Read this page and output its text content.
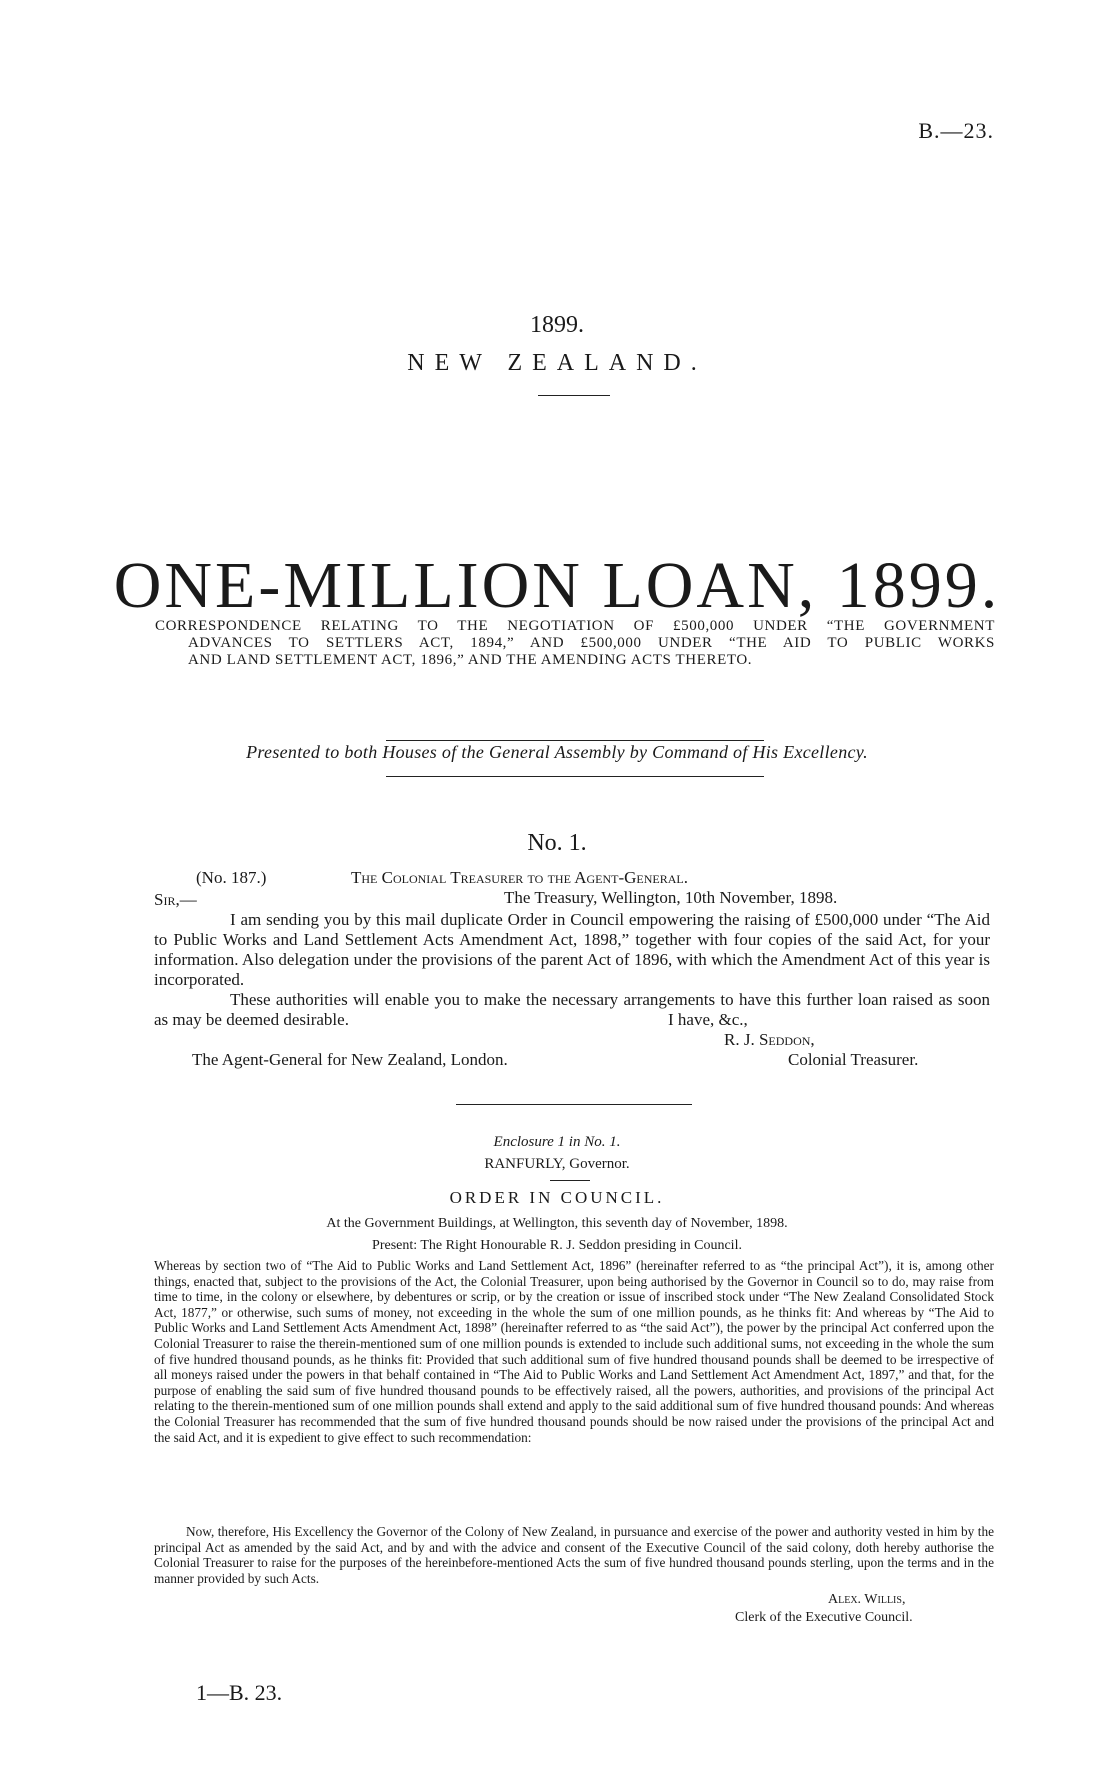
B.—23.
1899.
NEW ZEALAND.
ONE-MILLION LOAN, 1899.
CORRESPONDENCE RELATING TO THE NEGOTIATION OF £500,000 UNDER “THE GOVERNMENT
ADVANCES TO SETTLERS ACT, 1894,” AND £500,000 UNDER “THE AID TO PUBLIC WORKS
AND LAND SETTLEMENT ACT, 1896,” AND THE AMENDING ACTS THERETO.
Presented to both Houses of the General Assembly by Command of His Excellency.
No. 1.
(No. 187.)	The Colonial Treasurer to the Agent-General.
Sir,—	The Treasury, Wellington, 10th November, 1898.
I am sending you by this mail duplicate Order in Council empowering the raising of £500,000 under “The Aid to Public Works and Land Settlement Acts Amendment Act, 1898,” together with four copies of the said Act, for your information. Also delegation under the provisions of the parent Act of 1896, with which the Amendment Act of this year is incorporated.
These authorities will enable you to make the necessary arrangements to have this further loan raised as soon as may be deemed desirable.	I have, &c.,
R. J. Seddon,
The Agent-General for New Zealand, London.	Colonial Treasurer.
Enclosure 1 in No. 1.
RANFURLY, Governor.
ORDER IN COUNCIL.
At the Government Buildings, at Wellington, this seventh day of November, 1898.
Present: The Right Honourable R. J. Seddon presiding in Council.
Whereas by section two of “The Aid to Public Works and Land Settlement Act, 1896” (hereinafter referred to as “the principal Act”), it is, among other things, enacted that, subject to the provisions of the Act, the Colonial Treasurer, upon being authorised by the Governor in Council so to do, may raise from time to time, in the colony or elsewhere, by debentures or scrip, or by the creation or issue of inscribed stock under “The New Zealand Consolidated Stock Act, 1877,” or otherwise, such sums of money, not exceeding in the whole the sum of one million pounds, as he thinks fit: And whereas by “The Aid to Public Works and Land Settlement Acts Amendment Act, 1898” (hereinafter referred to as “the said Act”), the power by the principal Act conferred upon the Colonial Treasurer to raise the therein-mentioned sum of one million pounds is extended to include such additional sums, not exceeding in the whole the sum of five hundred thousand pounds, as he thinks fit: Provided that such additional sum of five hundred thousand pounds shall be deemed to be irrespective of all moneys raised under the powers in that behalf contained in “The Aid to Public Works and Land Settlement Act Amendment Act, 1897,” and that, for the purpose of enabling the said sum of five hundred thousand pounds to be effectively raised, all the powers, authorities, and provisions of the principal Act relating to the therein-mentioned sum of one million pounds shall extend and apply to the said additional sum of five hundred thousand pounds: And whereas the Colonial Treasurer has recommended that the sum of five hundred thousand pounds should be now raised under the provisions of the principal Act and the said Act, and it is expedient to give effect to such recommendation:
Now, therefore, His Excellency the Governor of the Colony of New Zealand, in pursuance and exercise of the power and authority vested in him by the principal Act as amended by the said Act, and by and with the advice and consent of the Executive Council of the said colony, doth hereby authorise the Colonial Treasurer to raise for the purposes of the hereinbefore-mentioned Acts the sum of five hundred thousand pounds sterling, upon the terms and in the manner provided by such Acts.
Alex. Willis,
Clerk of the Executive Council.
1—B. 23.
